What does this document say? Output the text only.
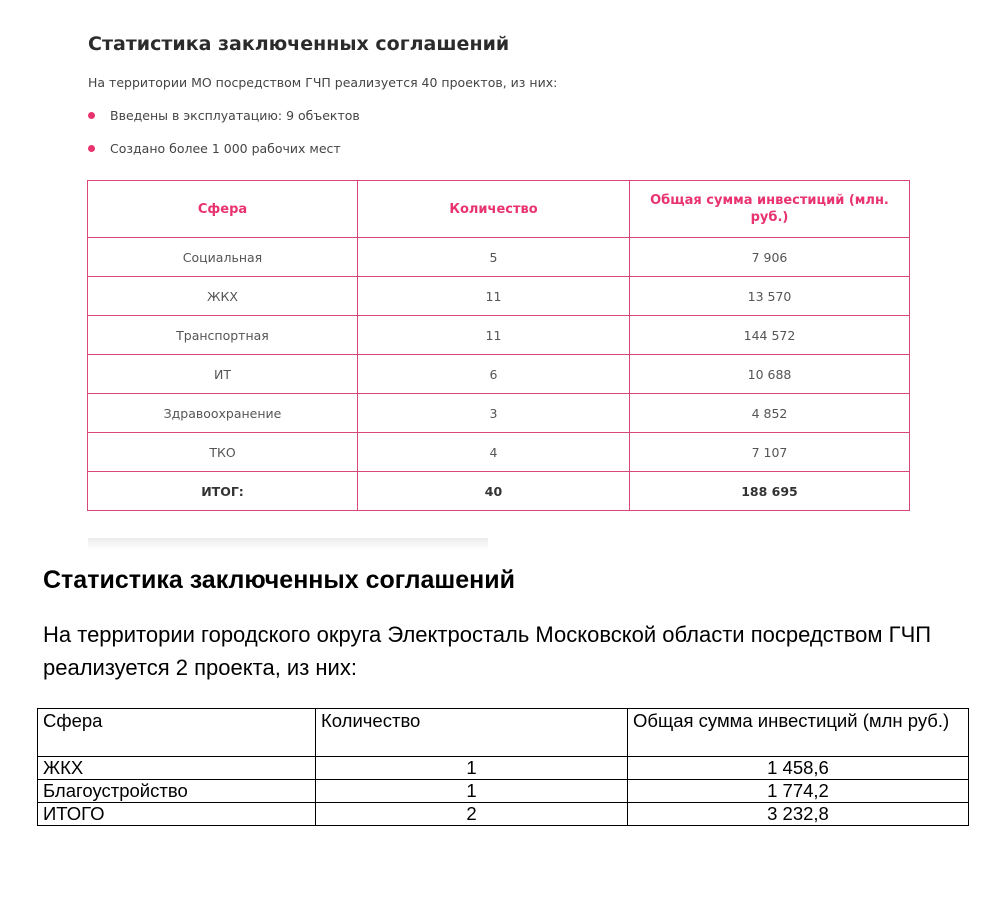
Статистика заключенных соглашений
На территории МО посредством ГЧП реализуется 40 проектов, из них:
Введены в эксплуатацию: 9 объектов
Создано более 1 000 рабочих мест
Сфера	Количество	Общая сумма инвестиций (млн. руб.)
Социальная	5	7 906
ЖКХ	11	13 570
Транспортная	11	144 572
ИТ	6	10 688
Здравоохранение	3	4 852
ТКО	4	7 107
ИТОГ:	40	188 695
Статистика заключенных соглашений
На территории городского округа Электросталь Московской области посредством ГЧП реализуется 2 проекта, из них:
Сфера	Количество	Общая сумма инвестиций (млн руб.)
ЖКХ	1	1 458,6
Благоустройство	1	1 774,2
ИТОГО	2	3 232,8
